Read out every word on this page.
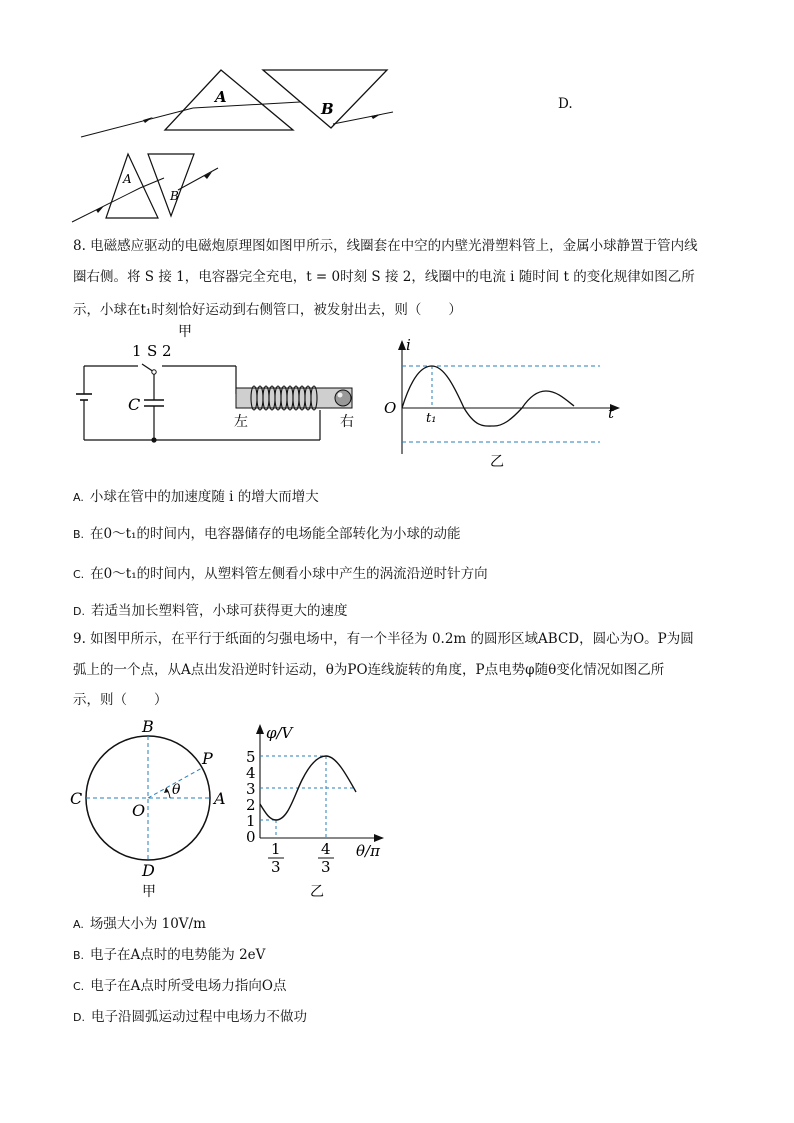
A
B	D.
A
B
8. 电磁感应驱动的电磁炮原理图如图甲所示，线圈套在中空的内壁光滑塑料管上，金属小球静置于管内线
圈右侧。将 S 接 1，电容器完全充电，t = 0时刻 S 接 2，线圈中的电流 i 随时间 t 的变化规律如图乙所
示，小球在t₁时刻恰好运动到右侧管口，被发射出去，则（　　）
1 S 2
C
左	右
甲
i
t
O
t₁
乙
A. 小球在管中的加速度随 i 的增大而增大
B. 在0～t₁的时间内，电容器储存的电场能全部转化为小球的动能
C. 在0～t₁的时间内，从塑料管左侧看小球中产生的涡流沿逆时针方向
D. 若适当加长塑料管，小球可获得更大的速度
9. 如图甲所示，在平行于纸面的匀强电场中，有一个半径为 0.2m 的圆形区域ABCD，圆心为O。P为圆
弧上的一个点，从A点出发沿逆时针运动，θ为PO连线旋转的角度，P点电势φ随θ变化情况如图乙所
示，则（　　）
B
C	A
D
O
P
θ
甲
0
1
2
3
4
5
φ/V
θ/π
1
3
4
3
乙
A. 场强大小为 10V/m
B. 电子在A点时的电势能为 2eV
C. 电子在A点时所受电场力指向O点
D. 电子沿圆弧运动过程中电场力不做功
